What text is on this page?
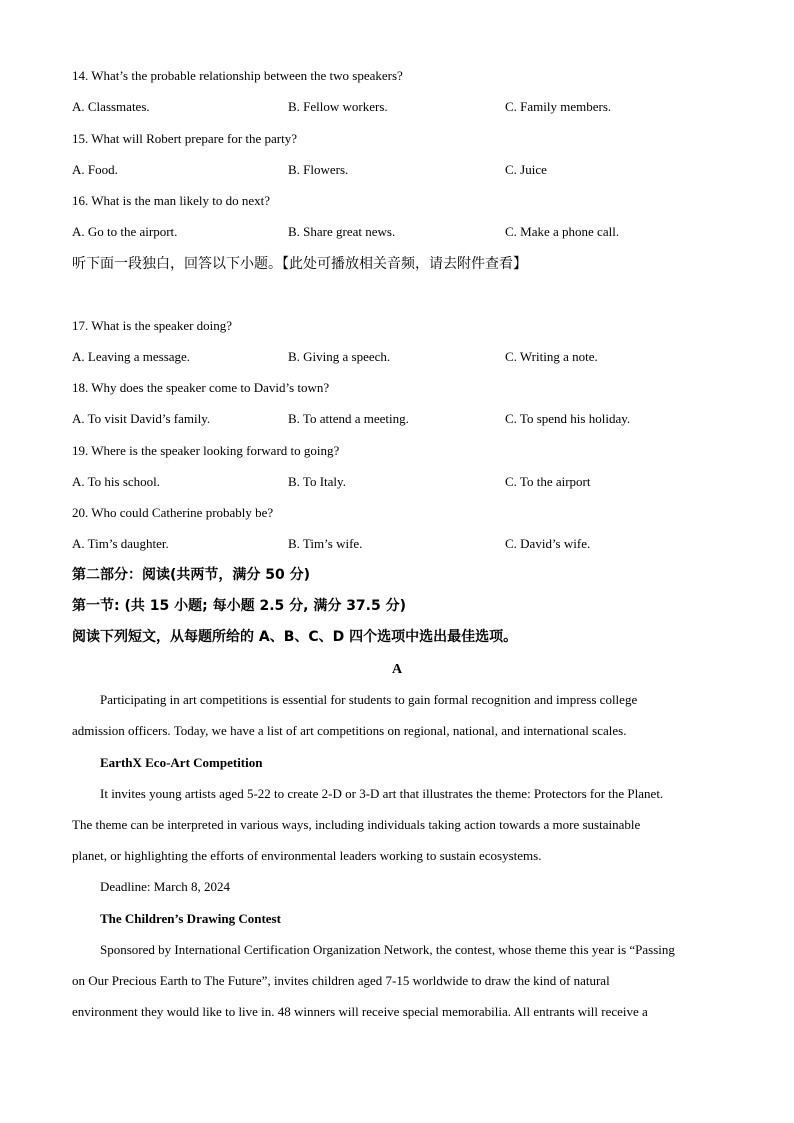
14. What’s the probable relationship between the two speakers?
A. Classmates.	B. Fellow workers.	C. Family members.
15. What will Robert prepare for the party?
A. Food.	B. Flowers.	C. Juice
16. What is the man likely to do next?
A. Go to the airport.	B. Share great news.	C. Make a phone call.
听下面一段独白，回答以下小题。【此处可播放相关音频，请去附件查看】
17. What is the speaker doing?
A. Leaving a message.	B. Giving a speech.	C. Writing a note.
18. Why does the speaker come to David’s town?
A. To visit David’s family.	B. To attend a meeting.	C. To spend his holiday.
19. Where is the speaker looking forward to going?
A. To his school.	B. To Italy.	C. To the airport
20. Who could Catherine probably be?
A. Tim’s daughter.	B. Tim’s wife.	C. David’s wife.
第二部分：阅读(共两节，满分 50 分)
第一节: (共 15 小题; 每小题 2.5 分, 满分 37.5 分)
阅读下列短文，从每题所给的 A、B、C、D 四个选项中选出最佳选项。
A
Participating in art competitions is essential for students to gain formal recognition and impress college
admission officers. Today, we have a list of art competitions on regional, national, and international scales.
EarthX Eco-Art Competition
It invites young artists aged 5-22 to create 2-D or 3-D art that illustrates the theme: Protectors for the Planet.
The theme can be interpreted in various ways, including individuals taking action towards a more sustainable
planet, or highlighting the efforts of environmental leaders working to sustain ecosystems.
Deadline: March 8, 2024
The Children’s Drawing Contest
Sponsored by International Certification Organization Network, the contest, whose theme this year is “Passing
on Our Precious Earth to The Future”, invites children aged 7-15 worldwide to draw the kind of natural
environment they would like to live in. 48 winners will receive special memorabilia. All entrants will receive a
